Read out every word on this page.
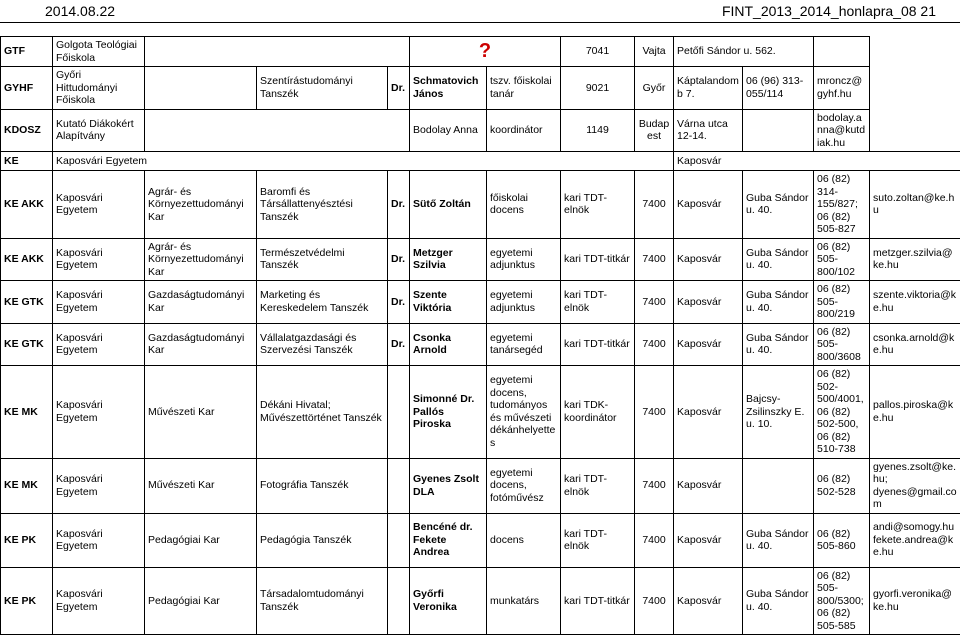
2014.08.22	FINT_2013_2014_honlapra_08 21
GTF	Golgota Teológiai Főiskola				?		7041	Vajta	Petőfi Sándor u. 562.			
GYHF	Győri Hittudományi Főiskola		Szentírástudományi Tanszék	Dr.	Schmatovich János	tszv. főiskolai tanár	9021	Győr	Káptalandomb 7.	06 (96) 313-055/114	mroncz@gyhf.hu	
KDOSZ	Kutató Diákokért Alapítvány				Bodolay Anna	koordinátor	1149	Budapest	Várna utca 12-14.		bodolay.anna@kutdiak.hu	
KE	Kaposvári Egyetem								Kaposvár			
KE AKK	Kaposvári Egyetem	Agrár- és Környezettudományi Kar	Baromfi és Társállattenyésztési Tanszék	Dr.	Sütő Zoltán	főiskolai docens	kari TDT-elnök	7400	Kaposvár	Guba Sándor u. 40.	06 (82) 314-155/827; 06 (82) 505-827	suto.zoltan@ke.hu
KE AKK	Kaposvári Egyetem	Agrár- és Környezettudományi Kar	Természetvédelmi Tanszék	Dr.	Metzger Szilvia	egyetemi adjunktus	kari TDT-titkár	7400	Kaposvár	Guba Sándor u. 40.	06 (82) 505-800/102	metzger.szilvia@ke.hu
KE GTK	Kaposvári Egyetem	Gazdaságtudományi Kar	Marketing és Kereskedelem Tanszék	Dr.	Szente Viktória	egyetemi adjunktus	kari TDT-elnök	7400	Kaposvár	Guba Sándor u. 40.	06 (82) 505-800/219	szente.viktoria@ke.hu
KE GTK	Kaposvári Egyetem	Gazdaságtudományi Kar	Vállalatgazdasági és Szervezési Tanszék	Dr.	Csonka Arnold	egyetemi tanársegéd	kari TDT-titkár	7400	Kaposvár	Guba Sándor u. 40.	06 (82) 505-800/3608	csonka.arnold@ke.hu
KE MK	Kaposvári Egyetem	Művészeti Kar	Dékáni Hivatal; Művészettörténet Tanszék		Simonné Dr. Pallós Piroska	egyetemi docens, tudományos és művészeti dékánhelyettes	kari TDK-koordinátor	7400	Kaposvár	Bajcsy-Zsilinszky E. u. 10.	06 (82) 502-500/4001, 06 (82) 502-500, 06 (82) 510-738	pallos.piroska@ke.hu
KE MK	Kaposvári Egyetem	Művészeti Kar	Fotográfia Tanszék		Gyenes Zsolt DLA	egyetemi docens, fotóművész	kari TDT-elnök	7400	Kaposvár		06 (82) 502-528	gyenes.zsolt@ke.hu; dyenes@gmail.com
KE PK	Kaposvári Egyetem	Pedagógiai Kar	Pedagógia Tanszék		Bencéné dr. Fekete Andrea	docens	kari TDT-elnök	7400	Kaposvár	Guba Sándor u. 40.	06 (82) 505-860	andi@somogy.hu fekete.andrea@ke.hu
KE PK	Kaposvári Egyetem	Pedagógiai Kar	Társadalomtudományi Tanszék		Győrfi Veronika	munkatárs	kari TDT-titkár	7400	Kaposvár	Guba Sándor u. 40.	06 (82) 505-800/5300; 06 (82) 505-585	gyorfi.veronika@ke.hu
